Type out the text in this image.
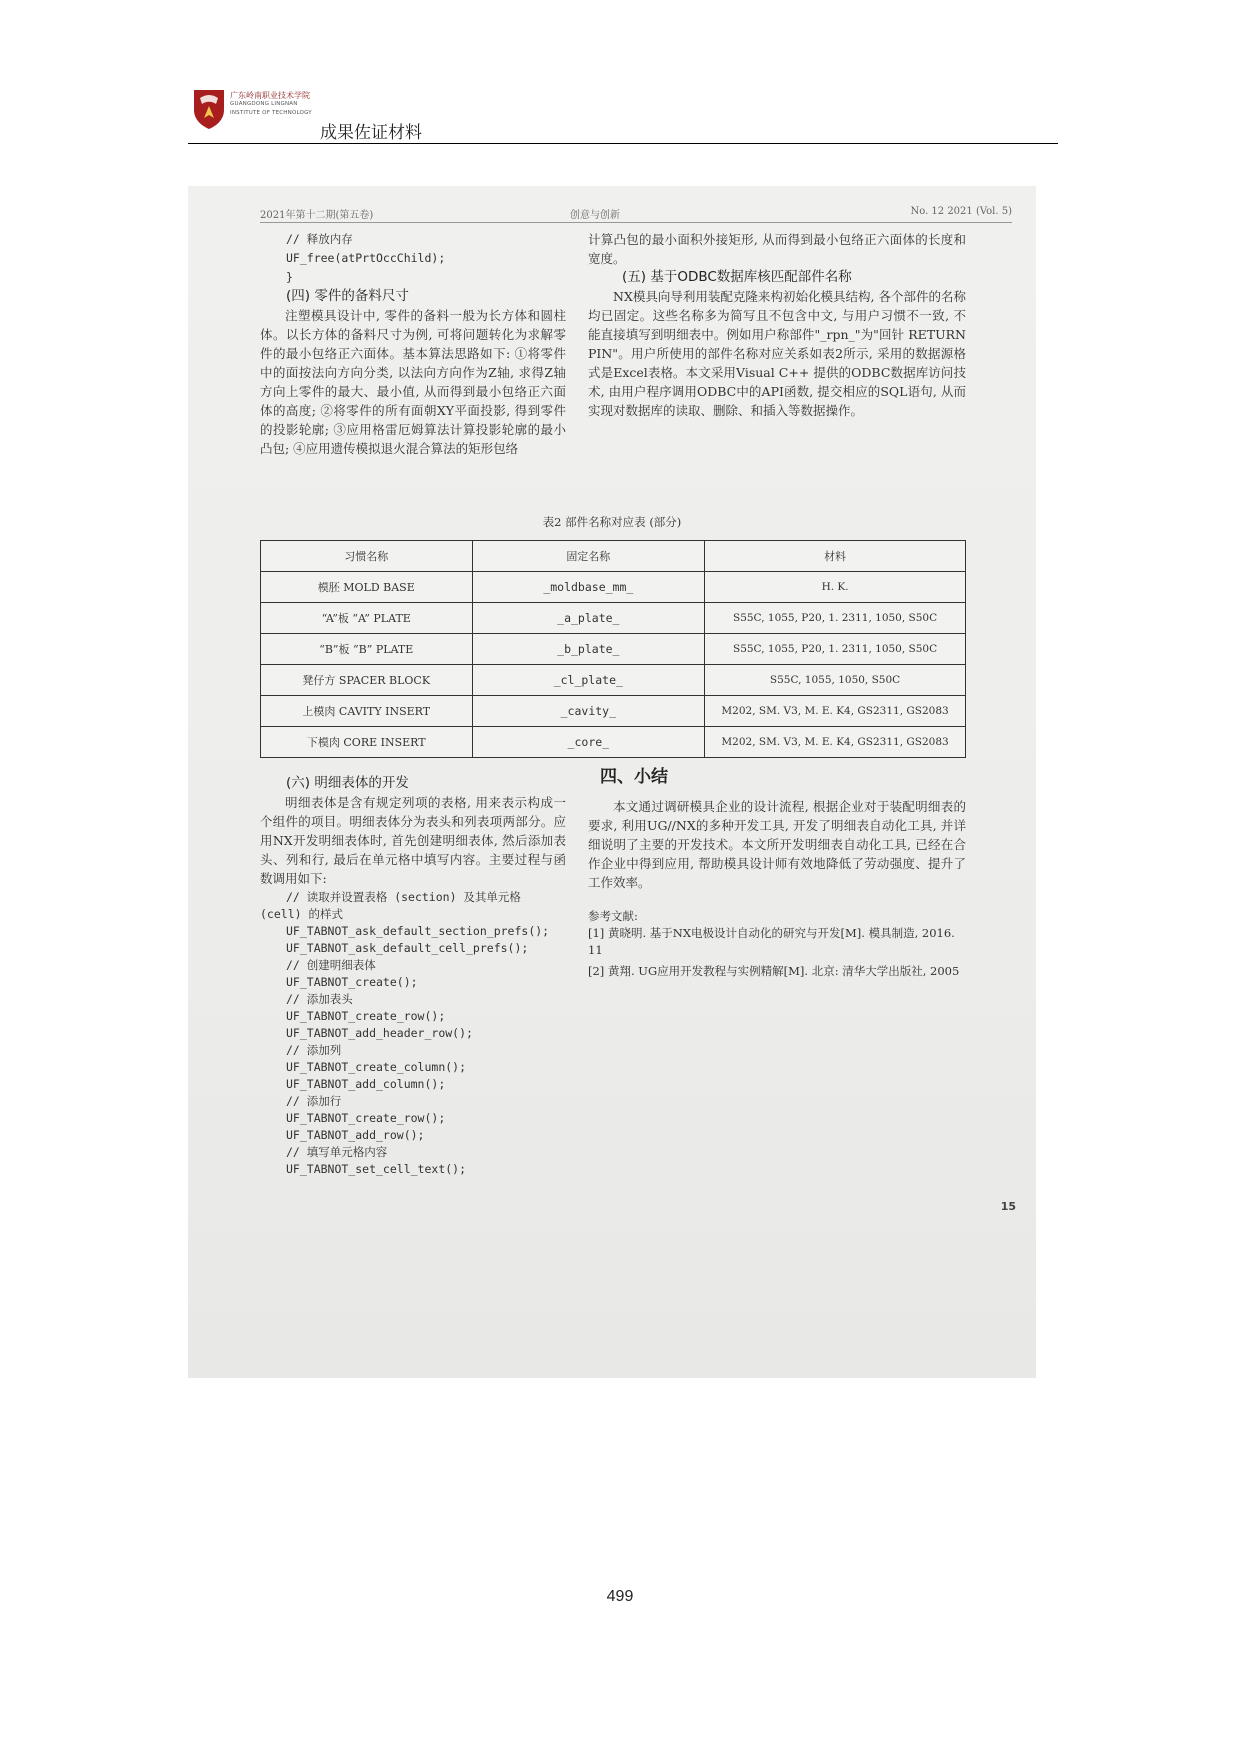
广东岭南职业技术学院
GUANGDONG LINGNAN
INSTITUTE OF TECHNOLOGY
成果佐证材料
2021年第十二期(第五卷)	创意与创新	No. 12 2021 (Vol. 5)

// 释放内存

UF_free(atPrtOccChild);

}

(四) 零件的备料尺寸

注塑模具设计中, 零件的备料一般为长方体和圆柱体。以长方体的备料尺寸为例, 可将问题转化为求解零件的最小包络正六面体。基本算法思路如下: ①将零件中的面按法向方向分类, 以法向方向作为Z轴, 求得Z轴方向上零件的最大、最小值, 从而得到最小包络正六面体的高度; ②将零件的所有面朝XY平面投影, 得到零件的投影轮廓; ③应用格雷厄姆算法计算投影轮廓的最小凸包; ④应用遗传模拟退火混合算法的矩形包络

计算凸包的最小面积外接矩形, 从而得到最小包络正六面体的长度和宽度。

(五) 基于ODBC数据库核匹配部件名称

NX模具向导利用装配克隆来构初始化模具结构, 各个部件的名称均已固定。这些名称多为简写且不包含中文, 与用户习惯不一致, 不能直接填写到明细表中。例如用户称部件"_rpn_"为"回针 RETURN PIN"。用户所使用的部件名称对应关系如表2所示, 采用的数据源格式是Excel表格。本文采用Visual C++ 提供的ODBC数据库访问技术, 由用户程序调用ODBC中的API函数, 提交相应的SQL语句, 从而实现对数据库的读取、删除、和插入等数据操作。

表2 部件名称对应表 (部分)
习惯名称	固定名称	材料
模胚 MOLD BASE	_moldbase_mm_	H. K.
“A”板 “A” PLATE	_a_plate_	S55C, 1055, P20, 1. 2311, 1050, S50C
“B”板 “B” PLATE	_b_plate_	S55C, 1055, P20, 1. 2311, 1050, S50C
凳仔方 SPACER BLOCK	_cl_plate_	S55C, 1055, 1050, S50C
上模肉 CAVITY INSERT	_cavity_	M202, SM. V3, M. E. K4, GS2311, GS2083
下模肉 CORE INSERT	_core_	M202, SM. V3, M. E. K4, GS2311, GS2083

(六) 明细表体的开发

明细表体是含有规定列项的表格, 用来表示构成一个组件的项目。明细表体分为表头和列表项两部分。应用NX开发明细表体时, 首先创建明细表体, 然后添加表头、列和行, 最后在单元格中填写内容。主要过程与函数调用如下:

// 读取并设置表格 (section) 及其单元格

(cell) 的样式

UF_TABNOT_ask_default_section_prefs();

UF_TABNOT_ask_default_cell_prefs();

// 创建明细表体

UF_TABNOT_create();

// 添加表头

UF_TABNOT_create_row();

UF_TABNOT_add_header_row();

// 添加列

UF_TABNOT_create_column();

UF_TABNOT_add_column();

// 添加行

UF_TABNOT_create_row();

UF_TABNOT_add_row();

// 填写单元格内容

UF_TABNOT_set_cell_text();

四、小结

本文通过调研模具企业的设计流程, 根据企业对于装配明细表的要求, 利用UG//NX的多种开发工具, 开发了明细表自动化工具, 并详细说明了主要的开发技术。本文所开发明细表自动化工具, 已经在合作企业中得到应用, 帮助模具设计师有效地降低了劳动强度、提升了工作效率。

参考文献:

[1] 黄晓明. 基于NX电极设计自动化的研究与开发[M]. 模具制造, 2016. 11

[2] 黄翔. UG应用开发教程与实例精解[M]. 北京: 清华大学出版社, 2005

15
499
